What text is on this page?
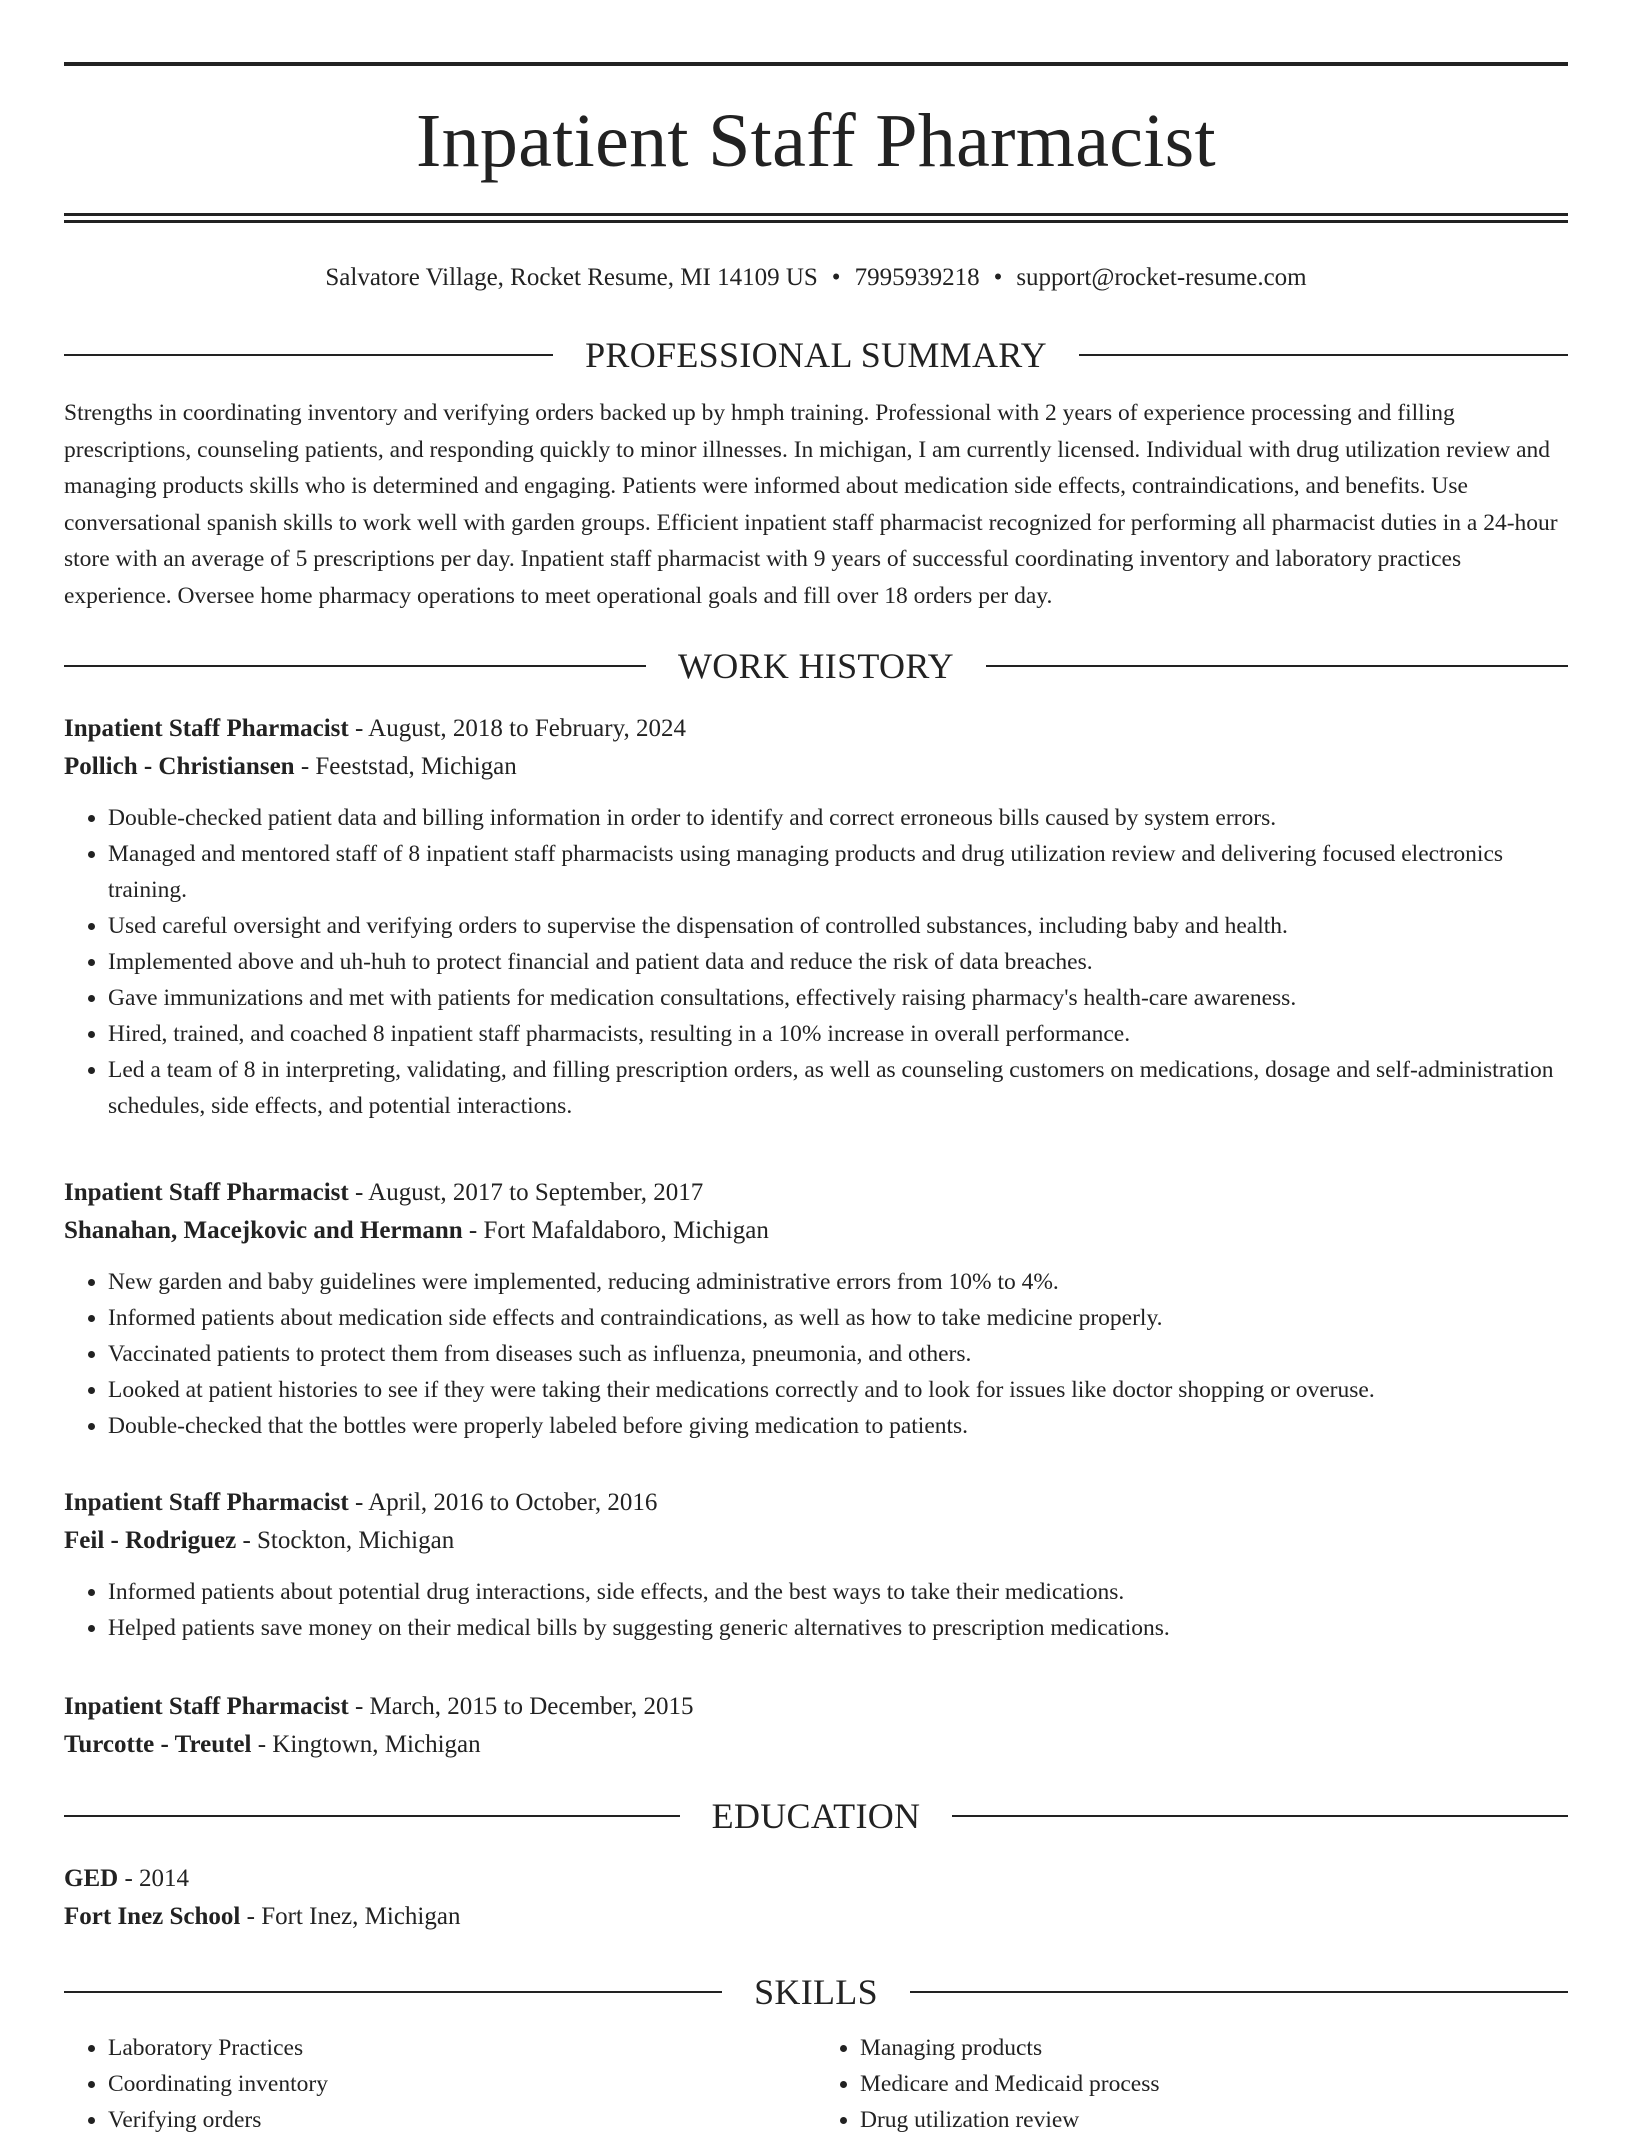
Inpatient Staff Pharmacist
Salvatore Village, Rocket Resume, MI 14109 US • 7995939218 • support@rocket-resume.com
PROFESSIONAL SUMMARY

Strengths in coordinating inventory and verifying orders backed up by hmph training. Professional with 2 years of experience processing and filling prescriptions, counseling patients, and responding quickly to minor illnesses. In michigan, I am currently licensed. Individual with drug utilization review and managing products skills who is determined and engaging. Patients were informed about medication side effects, contraindications, and benefits. Use conversational spanish skills to work well with garden groups. Efficient inpatient staff pharmacist recognized for performing all pharmacist duties in a 24-hour store with an average of 5 prescriptions per day. Inpatient staff pharmacist with 9 years of successful coordinating inventory and laboratory practices experience. Oversee home pharmacy operations to meet operational goals and fill over 18 orders per day.

WORK HISTORY
Inpatient Staff Pharmacist - August, 2018 to February, 2024
Pollich - Christiansen - Feeststad, Michigan
• Double-checked patient data and billing information in order to identify and correct erroneous bills caused by system errors.
• Managed and mentored staff of 8 inpatient staff pharmacists using managing products and drug utilization review and delivering focused electronics training.
• Used careful oversight and verifying orders to supervise the dispensation of controlled substances, including baby and health.
• Implemented above and uh-huh to protect financial and patient data and reduce the risk of data breaches.
• Gave immunizations and met with patients for medication consultations, effectively raising pharmacy's health-care awareness.
• Hired, trained, and coached 8 inpatient staff pharmacists, resulting in a 10% increase in overall performance.
• Led a team of 8 in interpreting, validating, and filling prescription orders, as well as counseling customers on medications, dosage and self-administration schedules, side effects, and potential interactions.
Inpatient Staff Pharmacist - August, 2017 to September, 2017
Shanahan, Macejkovic and Hermann - Fort Mafaldaboro, Michigan
• New garden and baby guidelines were implemented, reducing administrative errors from 10% to 4%.
• Informed patients about medication side effects and contraindications, as well as how to take medicine properly.
• Vaccinated patients to protect them from diseases such as influenza, pneumonia, and others.
• Looked at patient histories to see if they were taking their medications correctly and to look for issues like doctor shopping or overuse.
• Double-checked that the bottles were properly labeled before giving medication to patients.
Inpatient Staff Pharmacist - April, 2016 to October, 2016
Feil - Rodriguez - Stockton, Michigan
• Informed patients about potential drug interactions, side effects, and the best ways to take their medications.
• Helped patients save money on their medical bills by suggesting generic alternatives to prescription medications.
Inpatient Staff Pharmacist - March, 2015 to December, 2015
Turcotte - Treutel - Kingtown, Michigan
EDUCATION
GED - 2014
Fort Inez School - Fort Inez, Michigan
SKILLS
• Laboratory Practices
• Coordinating inventory
• Verifying orders
• Managing products
• Medicare and Medicaid process
• Drug utilization review
